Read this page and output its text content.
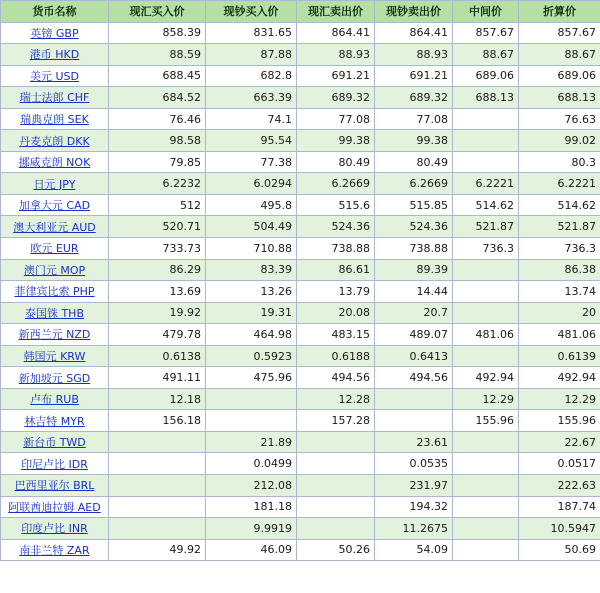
货币名称	现汇买入价	现钞买入价	现汇卖出价	现钞卖出价	中间价	折算价
英镑 GBP	858.39	831.65	864.41	864.41	857.67	857.67
港币 HKD	88.59	87.88	88.93	88.93	88.67	88.67
美元 USD	688.45	682.8	691.21	691.21	689.06	689.06
瑞士法郎 CHF	684.52	663.39	689.32	689.32	688.13	688.13
瑞典克朗 SEK	76.46	74.1	77.08	77.08		76.63
丹麦克朗 DKK	98.58	95.54	99.38	99.38		99.02
挪威克朗 NOK	79.85	77.38	80.49	80.49		80.3
日元 JPY	6.2232	6.0294	6.2669	6.2669	6.2221	6.2221
加拿大元 CAD	512	495.8	515.6	515.85	514.62	514.62
澳大利亚元 AUD	520.71	504.49	524.36	524.36	521.87	521.87
欧元 EUR	733.73	710.88	738.88	738.88	736.3	736.3
澳门元 MOP	86.29	83.39	86.61	89.39		86.38
菲律宾比索 PHP	13.69	13.26	13.79	14.44		13.74
泰国铢 THB	19.92	19.31	20.08	20.7		20
新西兰元 NZD	479.78	464.98	483.15	489.07	481.06	481.06
韩国元 KRW	0.6138	0.5923	0.6188	0.6413		0.6139
新加坡元 SGD	491.11	475.96	494.56	494.56	492.94	492.94
卢布 RUB	12.18		12.28		12.29	12.29
林吉特 MYR	156.18		157.28		155.96	155.96
新台币 TWD		21.89		23.61		22.67
印尼卢比 IDR		0.0499		0.0535		0.0517
巴西里亚尔 BRL		212.08		231.97		222.63
阿联酋迪拉姆 AED		181.18		194.32		187.74
印度卢比 INR		9.9919		11.2675		10.5947
南非兰特 ZAR	49.92	46.09	50.26	54.09		50.69
